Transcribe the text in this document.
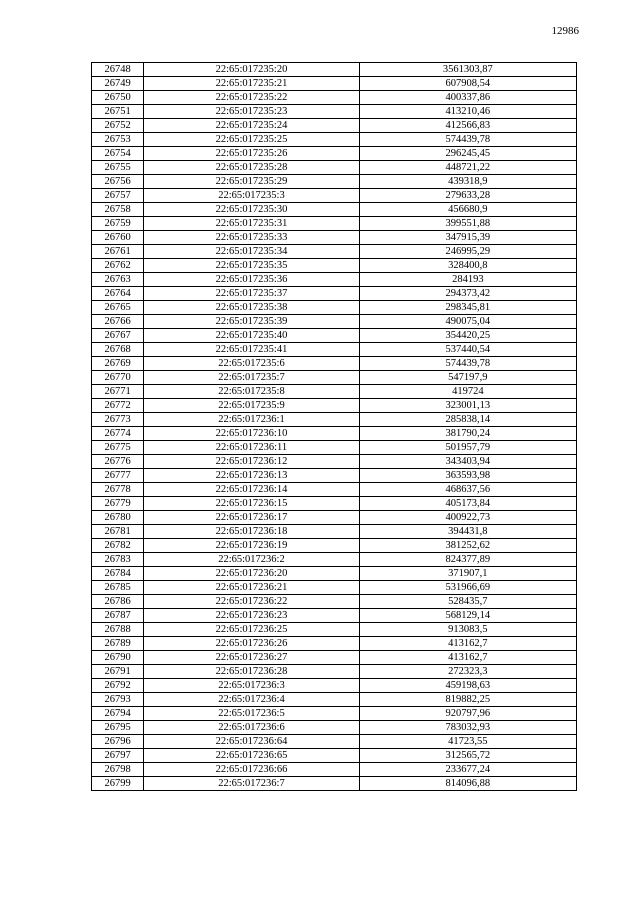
12986
26748	22:65:017235:20	3561303,87
26749	22:65:017235:21	607908,54
26750	22:65:017235:22	400337,86
26751	22:65:017235:23	413210,46
26752	22:65:017235:24	412566,83
26753	22:65:017235:25	574439,78
26754	22:65:017235:26	296245,45
26755	22:65:017235:28	448721,22
26756	22:65:017235:29	439318,9
26757	22:65:017235:3	279633,28
26758	22:65:017235:30	456680,9
26759	22:65:017235:31	399551,88
26760	22:65:017235:33	347915,39
26761	22:65:017235:34	246995,29
26762	22:65:017235:35	328400,8
26763	22:65:017235:36	284193
26764	22:65:017235:37	294373,42
26765	22:65:017235:38	298345,81
26766	22:65:017235:39	490075,04
26767	22:65:017235:40	354420,25
26768	22:65:017235:41	537440,54
26769	22:65:017235:6	574439,78
26770	22:65:017235:7	547197,9
26771	22:65:017235:8	419724
26772	22:65:017235:9	323001,13
26773	22:65:017236:1	285838,14
26774	22:65:017236:10	381790,24
26775	22:65:017236:11	501957,79
26776	22:65:017236:12	343403,94
26777	22:65:017236:13	363593,98
26778	22:65:017236:14	468637,56
26779	22:65:017236:15	405173,84
26780	22:65:017236:17	400922,73
26781	22:65:017236:18	394431,8
26782	22:65:017236:19	381252,62
26783	22:65:017236:2	824377,89
26784	22:65:017236:20	371907,1
26785	22:65:017236:21	531966,69
26786	22:65:017236:22	528435,7
26787	22:65:017236:23	568129,14
26788	22:65:017236:25	913083,5
26789	22:65:017236:26	413162,7
26790	22:65:017236:27	413162,7
26791	22:65:017236:28	272323,3
26792	22:65:017236:3	459198,63
26793	22:65:017236:4	819882,25
26794	22:65:017236:5	920797,96
26795	22:65:017236:6	783032,93
26796	22:65:017236:64	41723,55
26797	22:65:017236:65	312565,72
26798	22:65:017236:66	233677,24
26799	22:65:017236:7	814096,88
